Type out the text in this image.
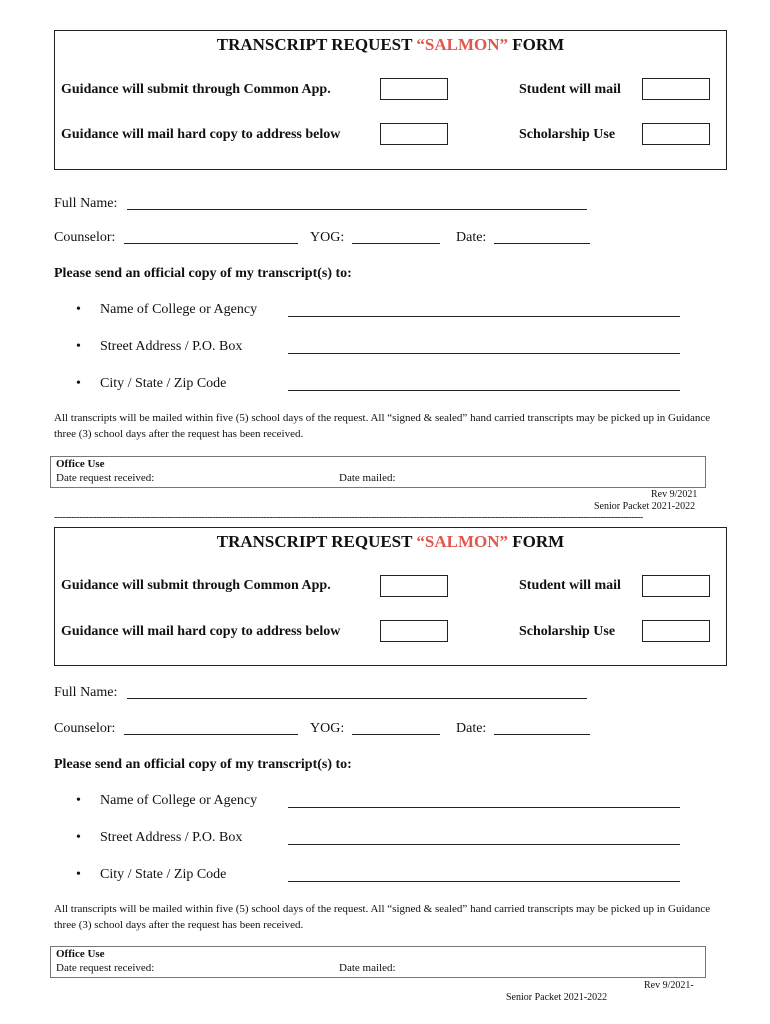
TRANSCRIPT REQUEST “SALMON” FORM
Guidance will submit through Common App.	Student will mail
Guidance will mail hard copy to address below	Scholarship Use
Full Name:
Counselor:	YOG:	Date:
Please send an official copy of my transcript(s) to:
• Name of College or Agency
• Street Address / P.O. Box
• City / State / Zip Code
All transcripts will be mailed within five (5) school days of the request. All “signed & sealed” hand carried transcripts may be picked up in Guidance three (3) school days after the request has been received.
Office Use
Date request received:	Date mailed:
Rev 9/2021
Senior Packet 2021-2022
----------------------------------------------------------------------------------------------------------------------------------------------------------------------------------------------------------------
TRANSCRIPT REQUEST “SALMON” FORM
Guidance will submit through Common App.	Student will mail
Guidance will mail hard copy to address below	Scholarship Use
Full Name:
Counselor:	YOG:	Date:
Please send an official copy of my transcript(s) to:
• Name of College or Agency
• Street Address / P.O. Box
• City / State / Zip Code
All transcripts will be mailed within five (5) school days of the request. All “signed & sealed” hand carried transcripts may be picked up in Guidance three (3) school days after the request has been received.
Office Use
Date request received:	Date mailed:
Rev 9/2021-
Senior Packet 2021-2022
